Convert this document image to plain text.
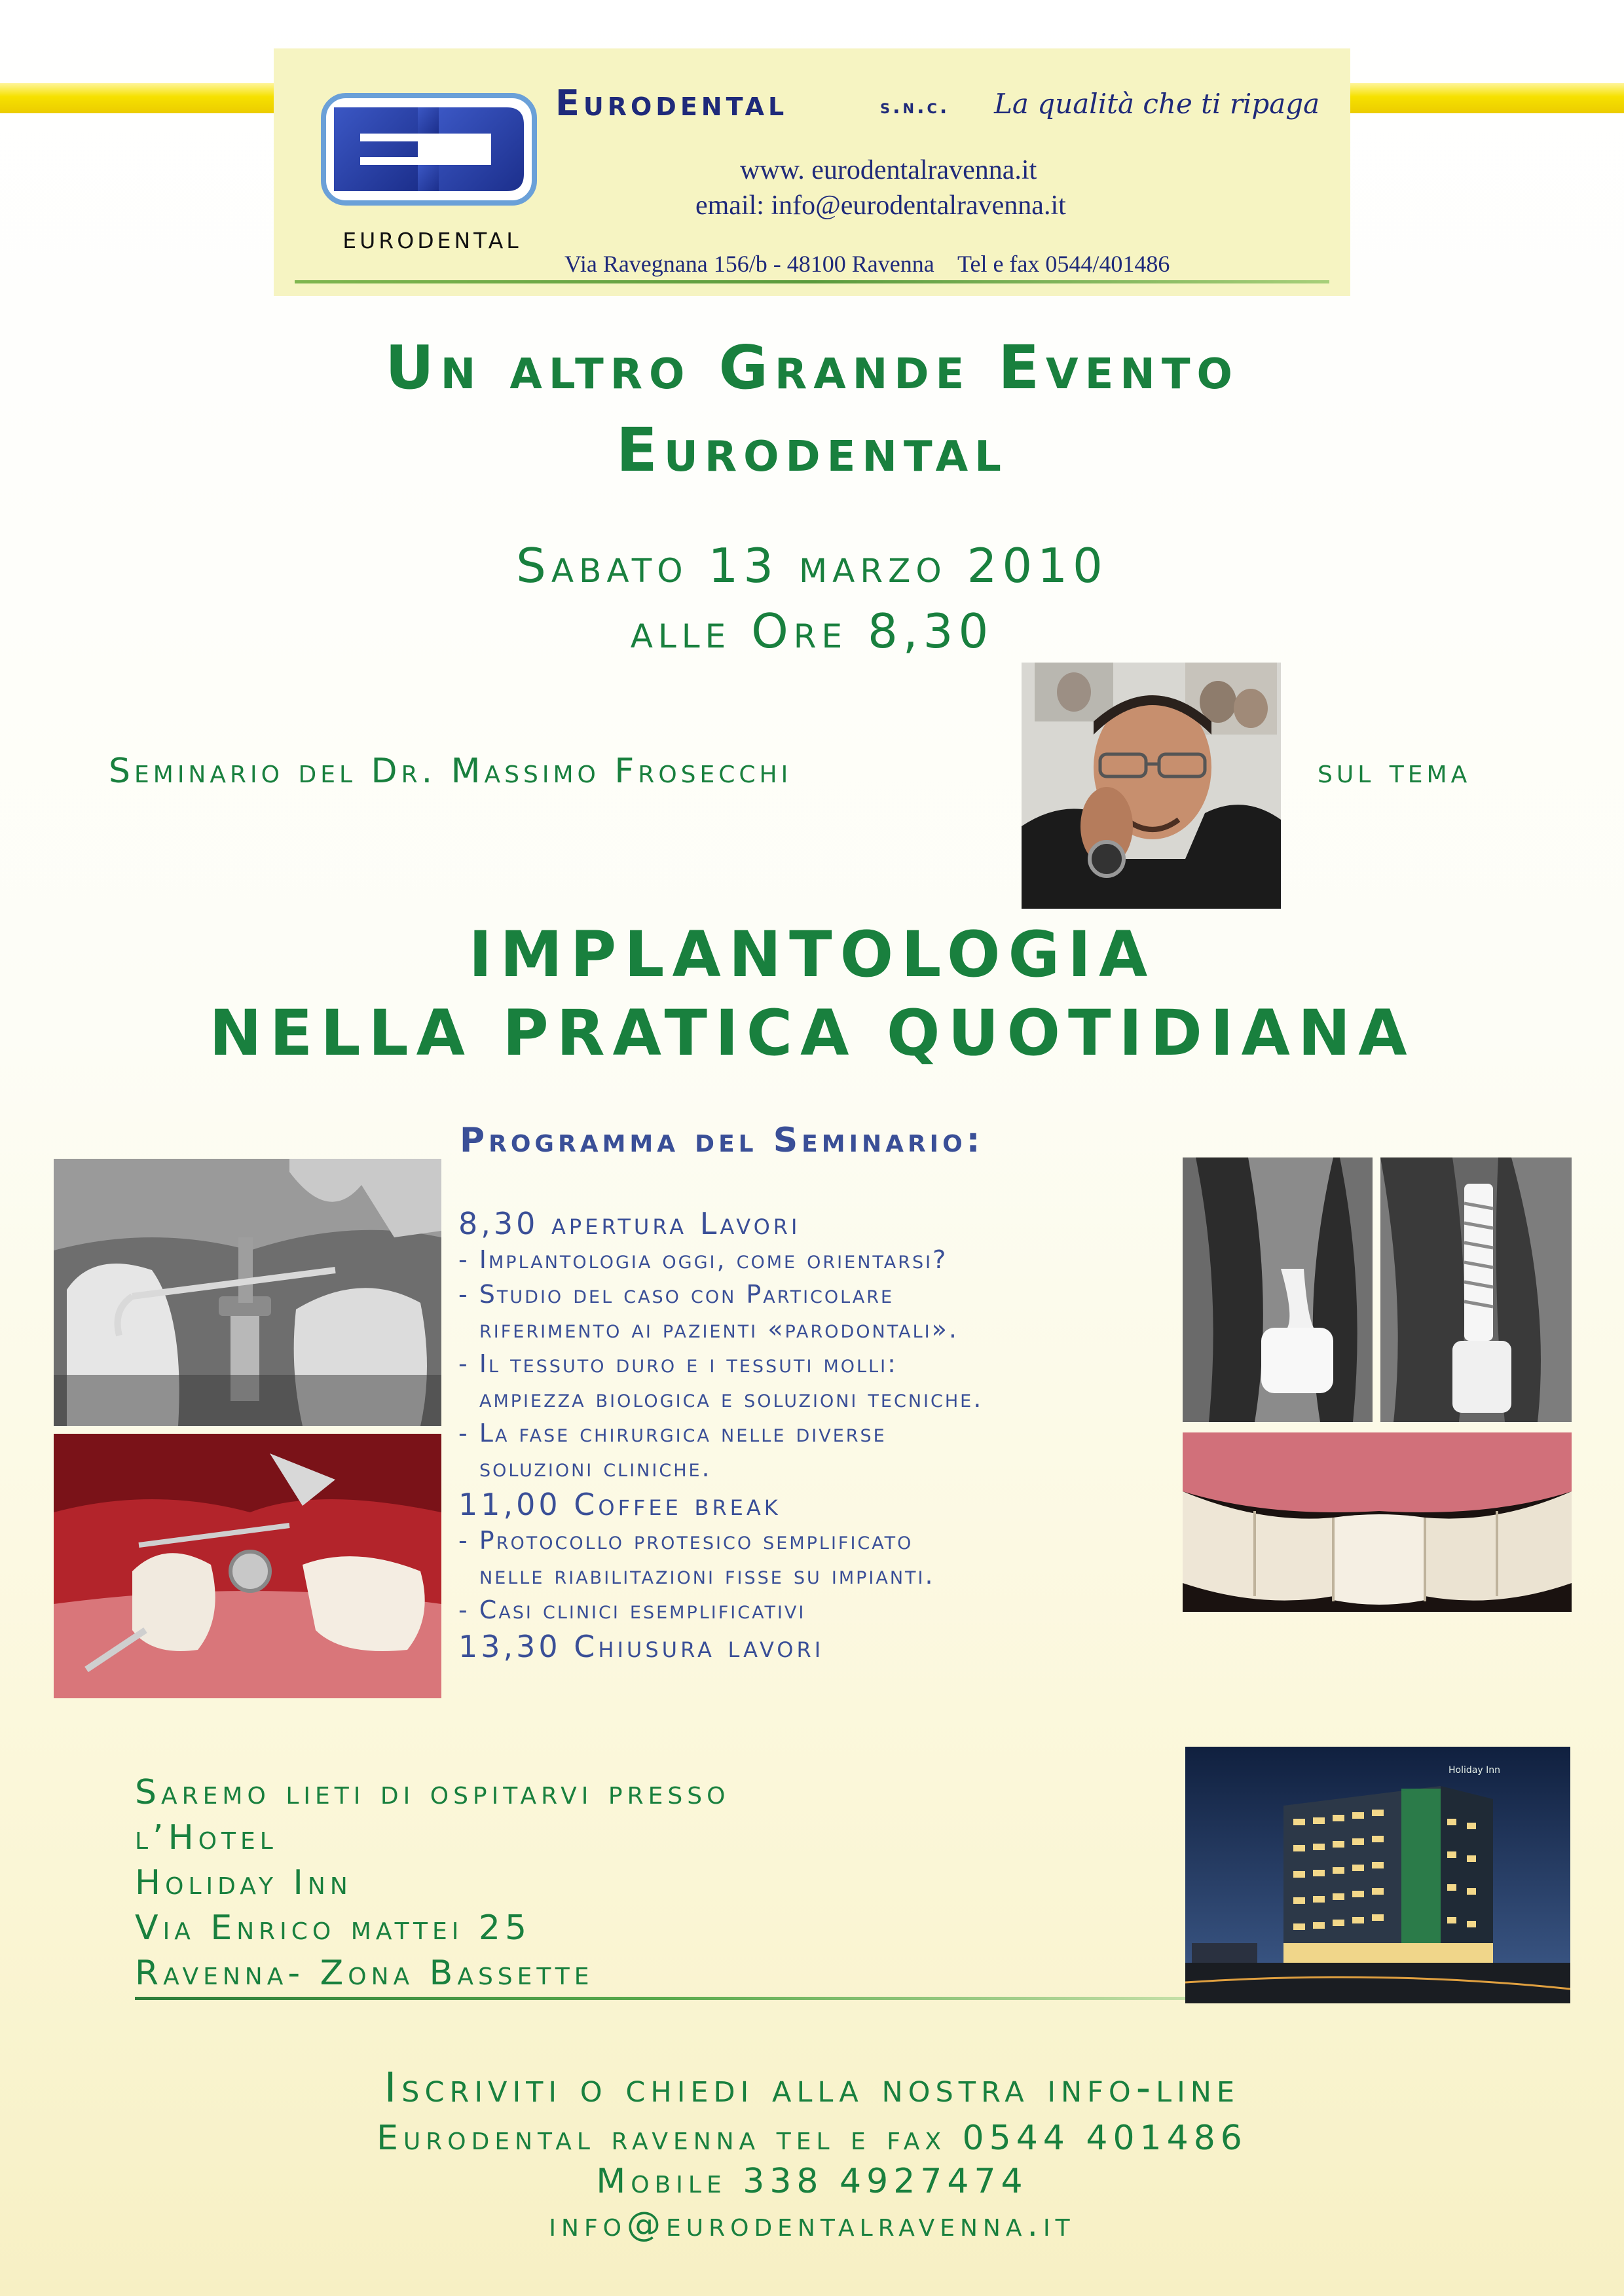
EURODENTAL
Eurodental	s.n.c. La qualità che ti ripaga
www. eurodentalravenna.it
email: info@eurodentalravenna.it
Via Ravegnana 156/b - 48100 Ravenna    Tel e fax 0544/401486
Un altro Grande Evento
Eurodental
Sabato 13 marzo 2010
alle Ore 8,30
Seminario del Dr. Massimo Frosecchi	sul tema
IMPLANTOLOGIA
NELLA PRATICA QUOTIDIANA
Programma del Seminario:
8,30 apertura Lavori
- Implantologia oggi, come orientarsi?
- Studio del caso con Particolare
riferimento ai pazienti «parodontali».
- Il tessuto duro e i tessuti molli:
ampiezza biologica e soluzioni tecniche.
- La fase chirurgica nelle diverse
soluzioni cliniche.
11,00 Coffee break
- Protocollo protesico semplificato
nelle riabilitazioni fisse su impianti.
- Casi clinici esemplificativi
13,30 Chiusura lavori
Saremo lieti di ospitarvi presso
l’Hotel
Holiday Inn
Via Enrico mattei 25
Ravenna- Zona Bassette
Holiday Inn
Iscriviti o chiedi alla nostra info-line
Eurodental ravenna tel e fax 0544 401486
Mobile 338 4927474
info@eurodentalravenna.it
